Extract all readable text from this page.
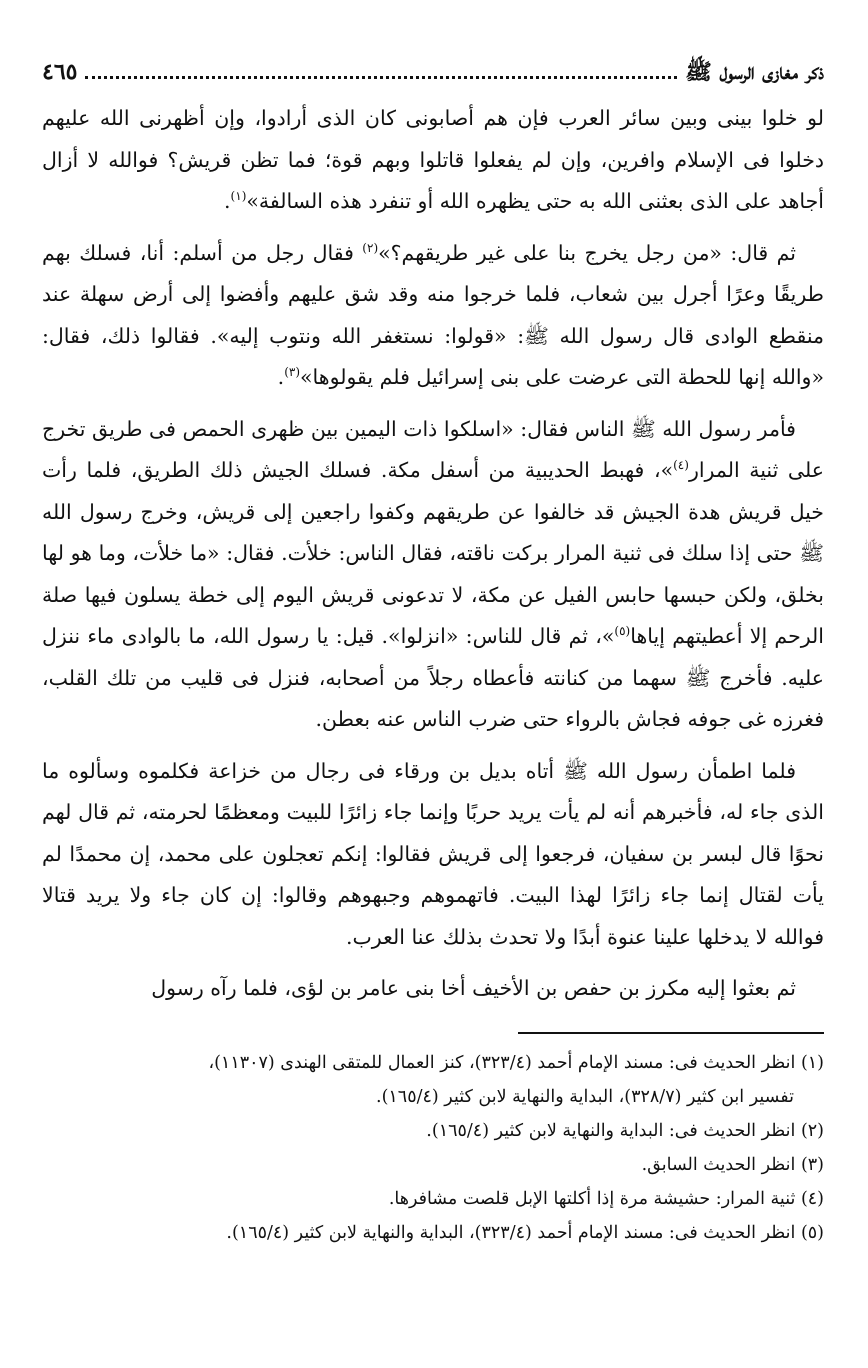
ذكر مغازى الرسول ﷺ
٤٦٥

لو خلوا بينى وبين سائر العرب فإن هم أصابونى كان الذى أرادوا، وإن أظهرنى الله عليهم دخلوا فى الإسلام وافرين، وإن لم يفعلوا قاتلوا وبهم قوة؛ فما تظن قريش؟ فوالله لا أزال أجاهد على الذى بعثنى الله به حتى يظهره الله أو تنفرد هذه السالفة»$^{(١)}$.

ثم قال: «من رجل يخرج بنا على غير طريقهم؟»$^{(٢)}$ فقال رجل من أسلم: أنا، فسلك بهم طريقًا وعرًا أجرل بين شعاب، فلما خرجوا منه وقد شق عليهم وأفضوا إلى أرض سهلة عند منقطع الوادى قال رسول الله ﷺ: «قولوا: نستغفر الله ونتوب إليه». فقالوا ذلك، فقال: «والله إنها للحطة التى عرضت على بنى إسرائيل فلم يقولوها»$^{(٣)}$.

فأمر رسول الله ﷺ الناس فقال: «اسلكوا ذات اليمين بين ظهرى الحمص فى طريق تخرج على ثنية المرار$^{(٤)}$»، فهبط الحديبية من أسفل مكة. فسلك الجيش ذلك الطريق، فلما رأت خيل قريش هدة الجيش قد خالفوا عن طريقهم وكفوا راجعين إلى قريش، وخرج رسول الله ﷺ حتى إذا سلك فى ثنية المرار بركت ناقته، فقال الناس: خلأت. فقال: «ما خلأت، وما هو لها بخلق، ولكن حبسها حابس الفيل عن مكة، لا تدعونى قريش اليوم إلى خطة يسلون فيها صلة الرحم إلا أعطيتهم إياها$^{(٥)}$»، ثم قال للناس: «انزلوا». قيل: يا رسول الله، ما بالوادى ماء ننزل عليه. فأخرج ﷺ سهما من كنانته فأعطاه رجلاً من أصحابه، فنزل فى قليب من تلك القلب، فغرزه غى جوفه فجاش بالرواء حتى ضرب الناس عنه بعطن.

فلما اطمأن رسول الله ﷺ أتاه بديل بن ورقاء فى رجال من خزاعة فكلموه وسألوه ما الذى جاء له، فأخبرهم أنه لم يأت يريد حربًا وإنما جاء زائرًا للبيت ومعظمًا لحرمته، ثم قال لهم نحوًا قال لبسر بن سفيان، فرجعوا إلى قريش فقالوا: إنكم تعجلون على محمد، إن محمدًا لم يأت لقتال إنما جاء زائرًا لهذا البيت. فاتهموهم وجبهوهم وقالوا: إن كان جاء ولا يريد قتالا فوالله لا يدخلها علينا عنوة أبدًا ولا تحدث بذلك عنا العرب.

ثم بعثوا إليه مكرز بن حفص بن الأخيف أخا بنى عامر بن لؤى، فلما رآه رسول

(١) انظر الحديث فى: مسند الإمام أحمد (٣٢٣/٤)، كنز العمال للمتقى الهندى (١١٣٠٧)،

تفسير ابن كثير (٣٢٨/٧)، البداية والنهاية لابن كثير (١٦٥/٤).

(٢) انظر الحديث فى: البداية والنهاية لابن كثير (١٦٥/٤).

(٣) انظر الحديث السابق.

(٤) ثنية المرار: حشيشة مرة إذا أكلتها الإبل قلصت مشافرها.

(٥) انظر الحديث فى: مسند الإمام أحمد (٣٢٣/٤)، البداية والنهاية لابن كثير (١٦٥/٤).
